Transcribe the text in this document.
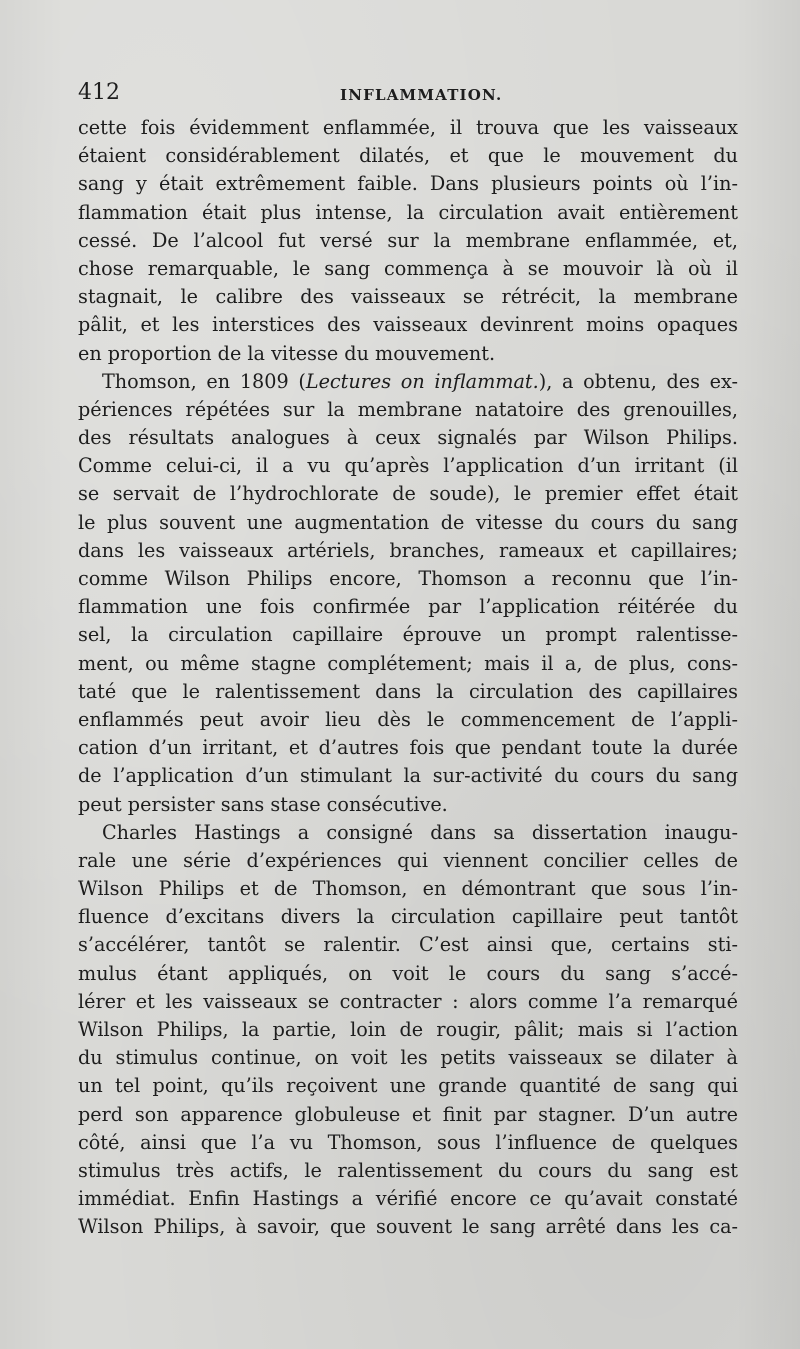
412	INFLAMMATION.
cette fois évidemment enflammée, il trouva que les vaisseaux
étaient considérablement dilatés, et que le mouvement du
sang y était extrêmement faible. Dans plusieurs points où l’in-
flammation était plus intense, la circulation avait entièrement
cessé. De l’alcool fut versé sur la membrane enflammée, et,
chose remarquable, le sang commença à se mouvoir là où il
stagnait, le calibre des vaisseaux se rétrécit, la membrane
pâlit, et les interstices des vaisseaux devinrent moins opaques
en proportion de la vitesse du mouvement.
Thomson, en 1809 (Lectures on inflammat.), a obtenu, des ex-
périences répétées sur la membrane natatoire des grenouilles,
des résultats analogues à ceux signalés par Wilson Philips.
Comme celui-ci, il a vu qu’après l’application d’un irritant (il
se servait de l’hydrochlorate de soude), le premier effet était
le plus souvent une augmentation de vitesse du cours du sang
dans les vaisseaux artériels, branches, rameaux et capillaires;
comme Wilson Philips encore, Thomson a reconnu que l’in-
flammation une fois confirmée par l’application réitérée du
sel, la circulation capillaire éprouve un prompt ralentisse-
ment, ou même stagne complétement; mais il a, de plus, cons-
taté que le ralentissement dans la circulation des capillaires
enflammés peut avoir lieu dès le commencement de l’appli-
cation d’un irritant, et d’autres fois que pendant toute la durée
de l’application d’un stimulant la sur-activité du cours du sang
peut persister sans stase consécutive.
Charles Hastings a consigné dans sa dissertation inaugu-
rale une série d’expériences qui viennent concilier celles de
Wilson Philips et de Thomson, en démontrant que sous l’in-
fluence d’excitans divers la circulation capillaire peut tantôt
s’accélérer, tantôt se ralentir. C’est ainsi que, certains sti-
mulus étant appliqués, on voit le cours du sang s’accé-
lérer et les vaisseaux se contracter : alors comme l’a remarqué
Wilson Philips, la partie, loin de rougir, pâlit; mais si l’action
du stimulus continue, on voit les petits vaisseaux se dilater à
un tel point, qu’ils reçoivent une grande quantité de sang qui
perd son apparence globuleuse et finit par stagner. D’un autre
côté, ainsi que l’a vu Thomson, sous l’influence de quelques
stimulus très actifs, le ralentissement du cours du sang est
immédiat. Enfin Hastings a vérifié encore ce qu’avait constaté
Wilson Philips, à savoir, que souvent le sang arrêté dans les ca-
